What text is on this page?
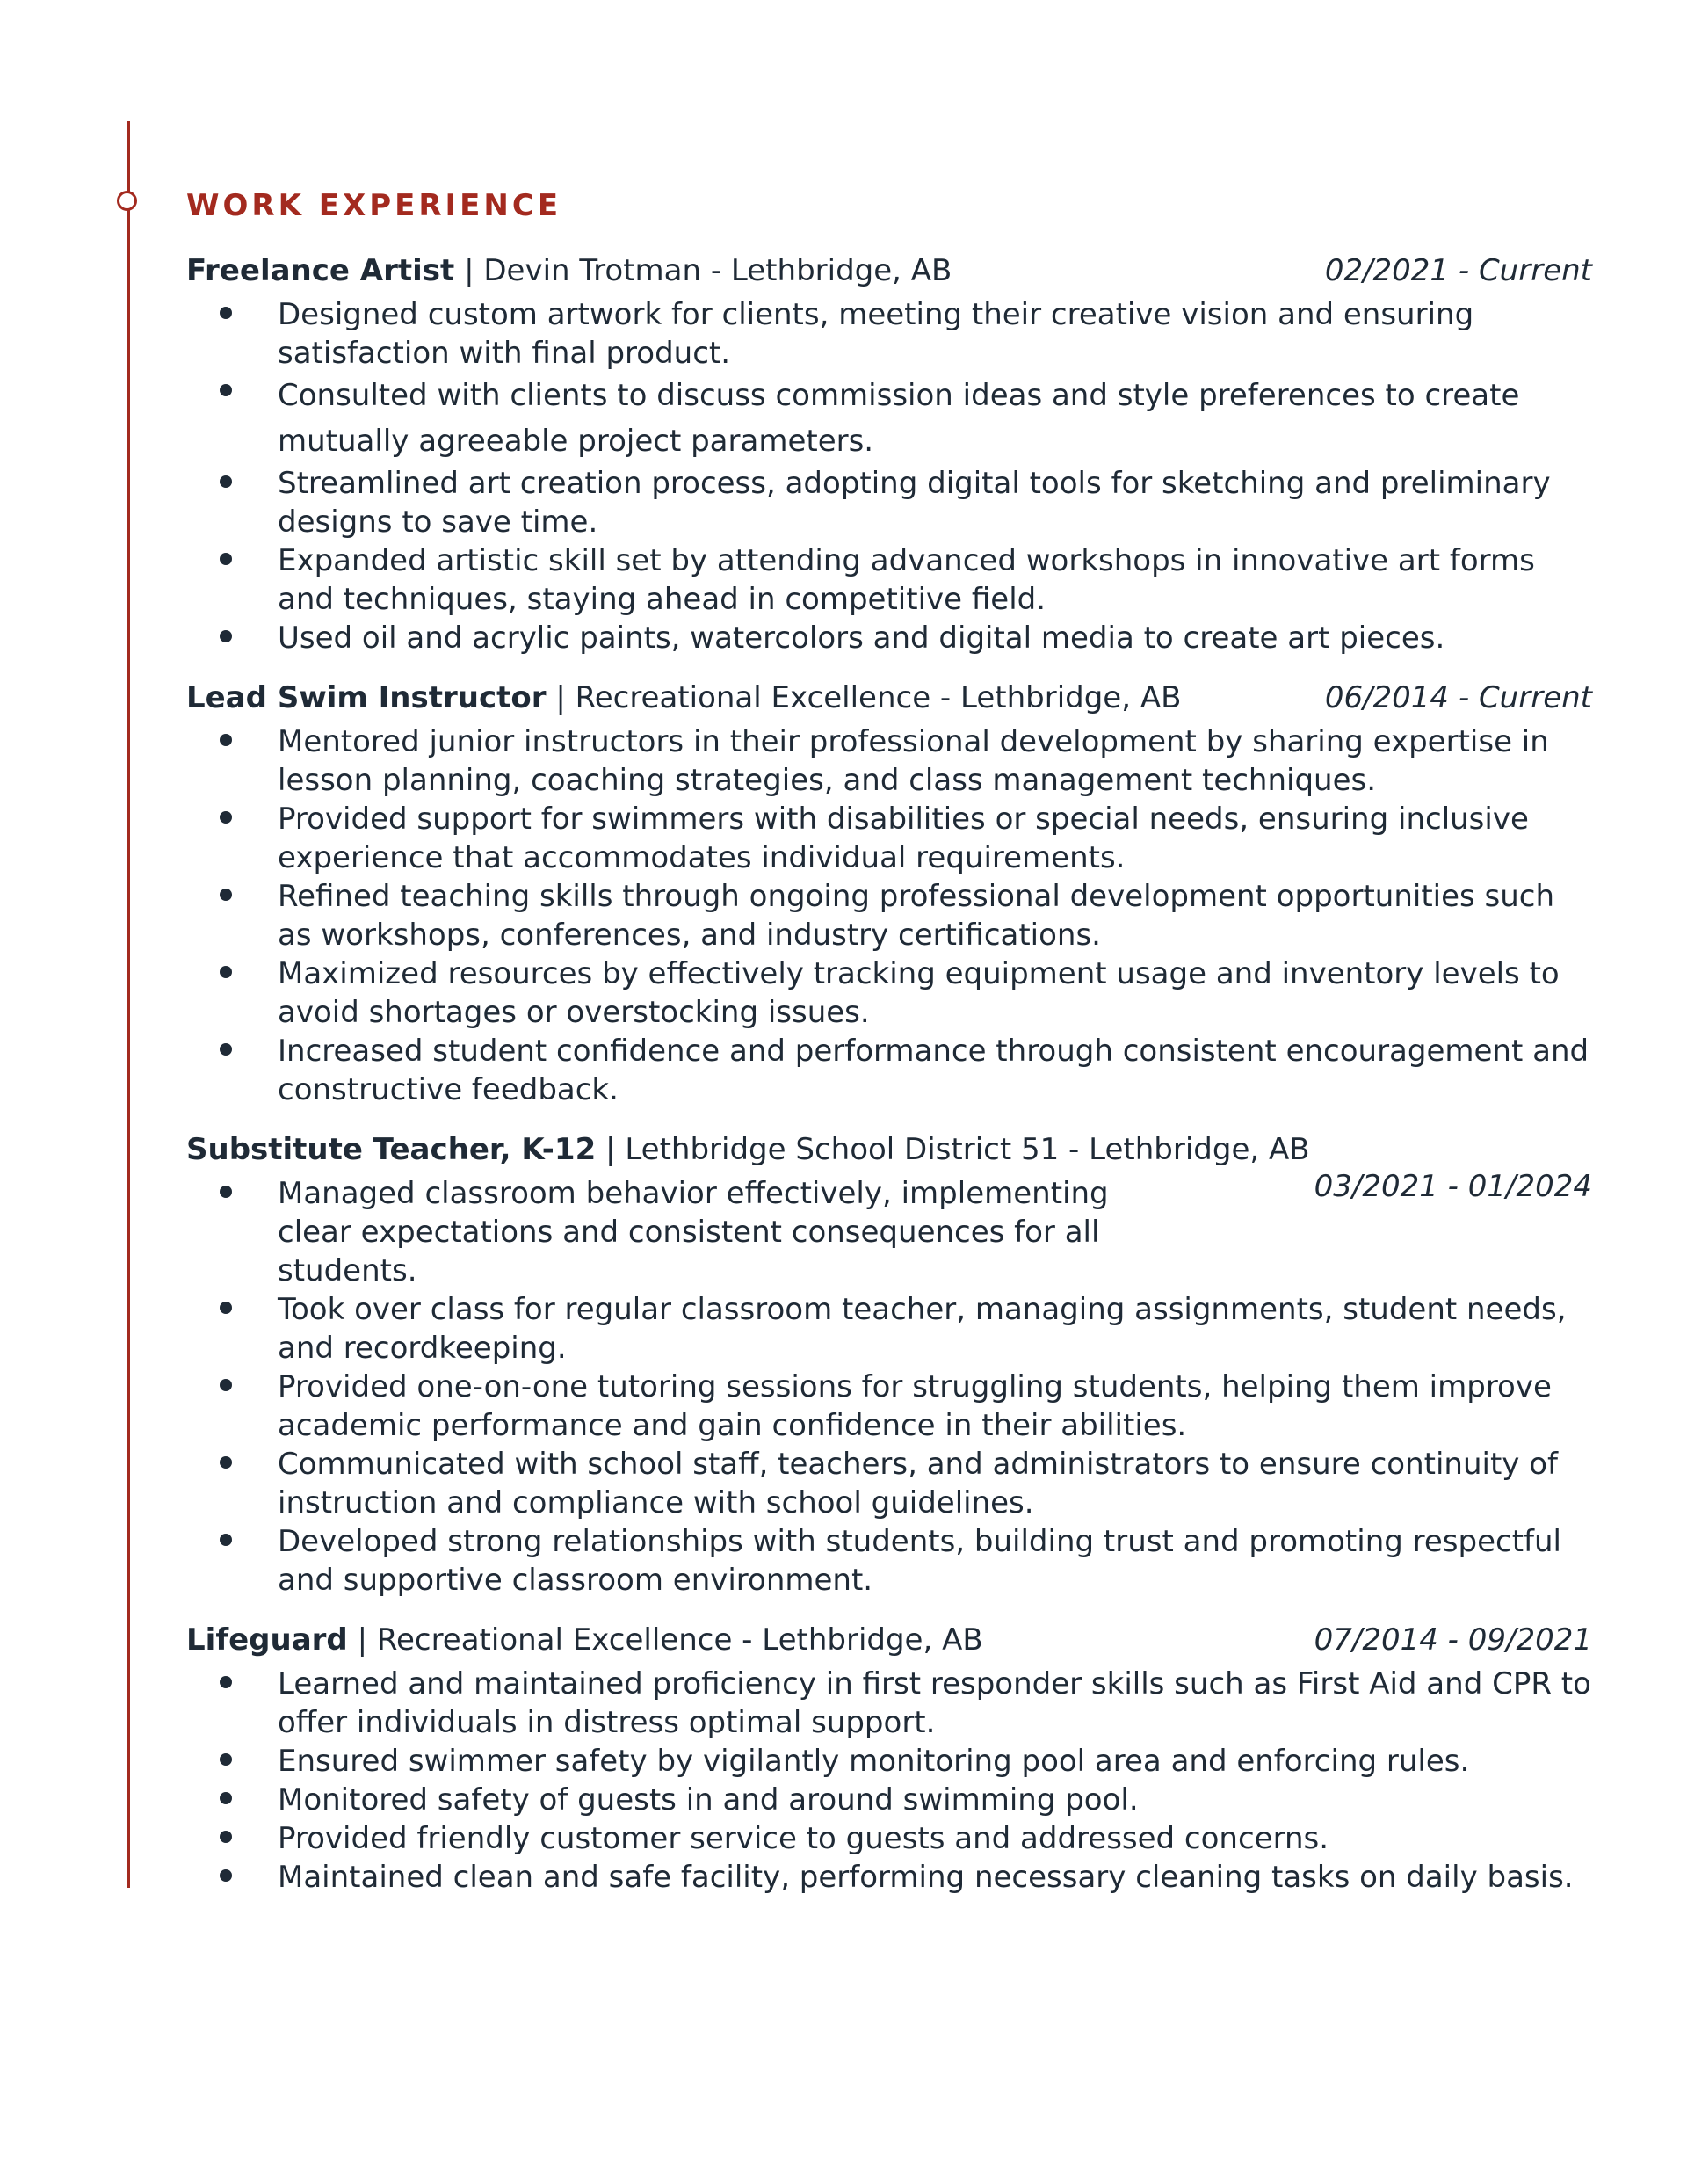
WORK EXPERIENCE
Freelance Artist | Devin Trotman - Lethbridge, AB	02/2021 - Current
Designed custom artwork for clients, meeting their creative vision and ensuring satisfaction with final product.
Consulted with clients to discuss commission ideas and style preferences to create mutually agreeable project parameters.
Streamlined art creation process, adopting digital tools for sketching and preliminary designs to save time.
Expanded artistic skill set by attending advanced workshops in innovative art forms and techniques, staying ahead in competitive field.
Used oil and acrylic paints, watercolors and digital media to create art pieces.
Lead Swim Instructor | Recreational Excellence - Lethbridge, AB	06/2014 - Current
Mentored junior instructors in their professional development by sharing expertise in lesson planning, coaching strategies, and class management techniques.
Provided support for swimmers with disabilities or special needs, ensuring inclusive experience that accommodates individual requirements.
Refined teaching skills through ongoing professional development opportunities such as workshops, conferences, and industry certifications.
Maximized resources by effectively tracking equipment usage and inventory levels to avoid shortages or overstocking issues.
Increased student confidence and performance through consistent encouragement and constructive feedback.
Substitute Teacher, K-12 | Lethbridge School District 51 - Lethbridge, AB
03/2021 - 01/2024
Managed classroom behavior effectively, implementing clear expectations and consistent consequences for all students.
Took over class for regular classroom teacher, managing assignments, student needs, and recordkeeping.
Provided one-on-one tutoring sessions for struggling students, helping them improve academic performance and gain confidence in their abilities.
Communicated with school staff, teachers, and administrators to ensure continuity of instruction and compliance with school guidelines.
Developed strong relationships with students, building trust and promoting respectful and supportive classroom environment.
Lifeguard | Recreational Excellence - Lethbridge, AB	07/2014 - 09/2021
Learned and maintained proficiency in first responder skills such as First Aid and CPR to offer individuals in distress optimal support.
Ensured swimmer safety by vigilantly monitoring pool area and enforcing rules.
Monitored safety of guests in and around swimming pool.
Provided friendly customer service to guests and addressed concerns.
Maintained clean and safe facility, performing necessary cleaning tasks on daily basis.
